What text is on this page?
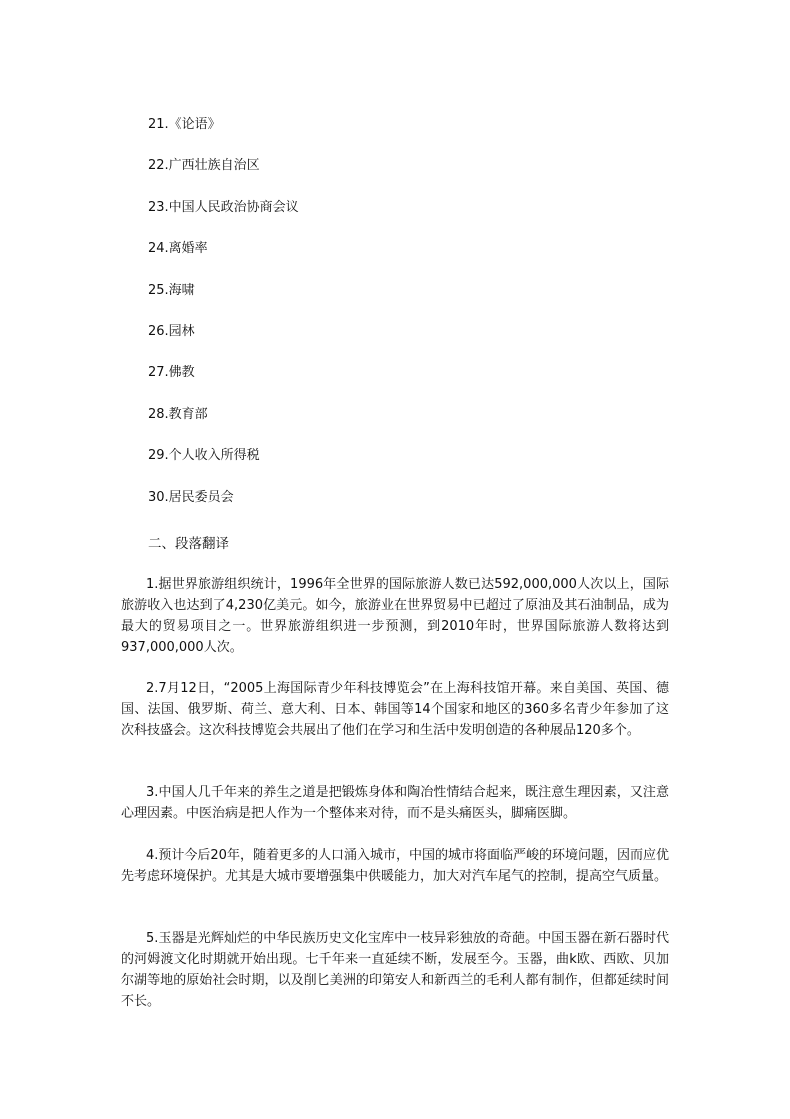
21.《论语》
22.广西壮族自治区
23.中国人民政治协商会议
24.离婚率
25.海啸
26.园林
27.佛教
28.教育部
29.个人收入所得税
30.居民委员会
二、段落翻译

1.据世界旅游组织统计，1996年全世界的国际旅游人数已达592,000,000人次以上，国际旅游收入也达到了4,230亿美元。如今，旅游业在世界贸易中已超过了原油及其石油制品，成为最大的贸易项目之一。世界旅游组织进一步预测，到2010年时，世界国际旅游人数将达到937,000,000人次。

2.7月12日，“2005上海国际青少年科技博览会”在上海科技馆开幕。来自美国、英国、德国、法国、俄罗斯、荷兰、意大利、日本、韩国等14个国家和地区的360多名青少年参加了这次科技盛会。这次科技博览会共展出了他们在学习和生活中发明创造的各种展品120多个。

3.中国人几千年来的养生之道是把锻炼身体和陶冶性情结合起来，既注意生理因素，又注意心理因素。中医治病是把人作为一个整体来对待，而不是头痛医头，脚痛医脚。

4.预计今后20年，随着更多的人口涌入城市，中国的城市将面临严峻的环境问题，因而应优先考虑环境保护。尤其是大城市要增强集中供暖能力，加大对汽车尾气的控制，提高空气质量。

5.玉器是光辉灿烂的中华民族历史文化宝库中一枝异彩独放的奇葩。中国玉器在新石器时代的河姆渡文化时期就开始出现。七千年来一直延续不断，发展至今。玉器，曲k欧、西欧、贝加尔湖等地的原始社会时期，以及削匕美洲的印第安人和新西兰的毛利人都有制作，但都延续时间不长。
